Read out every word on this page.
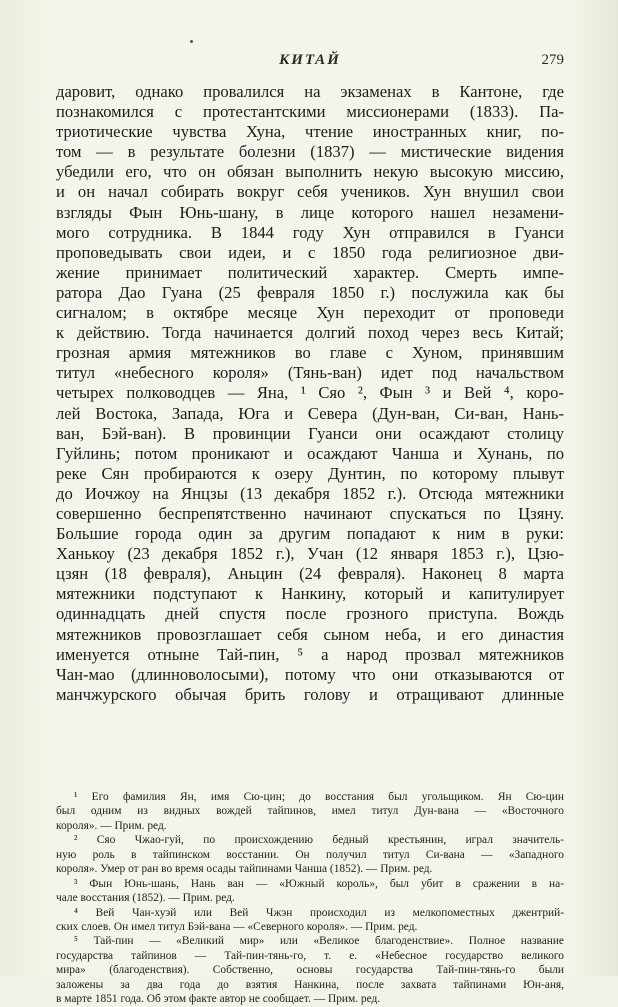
КИТАЙ	279
даровит, однако провалился на экзаменах в Кантоне, где
познакомился с протестантскими миссионерами (1833). Па-
триотические чувства Хуна, чтение иностранных книг, по-
том — в результате болезни (1837) — мистические видения
убедили его, что он обязан выполнить некую высокую миссию,
и он начал собирать вокруг себя учеников. Хун внушил свои
взгляды Фын Юнь-шану, в лице которого нашел незамени-
мого сотрудника. В 1844 году Хун отправился в Гуанси
проповедывать свои идеи, и с 1850 года религиозное дви-
жение принимает политический характер. Смерть импе-
ратора Дао Гуана (25 февраля 1850 г.) послужила как бы
сигналом; в октябре месяце Хун переходит от проповеди
к действию. Тогда начинается долгий поход через весь Китай;
грозная армия мятежников во главе с Хуном, принявшим
титул «небесного короля» (Тянь-ван) идет под начальством
четырех полководцев — Яна, ¹ Сяо ², Фын ³ и Вей ⁴, коро-
лей Востока, Запада, Юга и Севера (Дун-ван, Си-ван, Нань-
ван, Бэй-ван). В провинции Гуанси они осаждают столицу
Гуйлинь; потом проникают и осаждают Чанша и Хунань, по
реке Сян пробираются к озеру Дунтин, по которому плывут
до Иочжоу на Янцзы (13 декабря 1852 г.). Отсюда мятежники
совершенно беспрепятственно начинают спускаться по Цзяну.
Большие города один за другим попадают к ним в руки:
Ханькоу (23 декабря 1852 г.), Учан (12 января 1853 г.), Цзю-
цзян (18 февраля), Аньцин (24 февраля). Наконец 8 марта
мятежники подступают к Нанкину, который и капитулирует
одиннадцать дней спустя после грозного приступа. Вождь
мятежников провозглашает себя сыном неба, и его династия
именуется отныне Тай-пин, ⁵ а народ прозвал мятежников
Чан-мао (длинноволосыми), потому что они отказываются от
манчжурского обычая брить голову и отращивают длинные
¹ Его фамилия Ян, имя Сю-цин; до восстания был угольщиком. Ян Сю-цин
был одним из видных вождей тайпинов, имел титул Дун-вана — «Восточного
короля». — Прим. ред.
² Сяо Чжао-гуй, по происхождению бедный крестьянин, играл значитель-
ную роль в тайпинском восстании. Он получил титул Си-вана — «Западного
короля». Умер от ран во время осады тайпинами Чанша (1852). — Прим. ред.
³ Фын Юнь-шань, Нань ван — «Южный король», был убит в сражении в на-
чале восстания (1852). — Прим. ред.
⁴ Вей Чан-хуэй или Вей Чжэн происходил из мелкопоместных джентрий-
ских слоев. Он имел титул Бэй-вана — «Северного короля». — Прим. ред.
⁵ Тай-пин — «Великий мир» или «Великое благоденствие». Полное название
государства тайпинов — Тай-пин-тянь-го, т. е. «Небесное государство великого
мира» (благоденствия). Собственно, основы государства Тай-пин-тянь-го были
заложены за два года до взятия Нанкина, после захвата тайпинами Юн-аня,
в марте 1851 года. Об этом факте автор не сообщает. — Прим. ред.
